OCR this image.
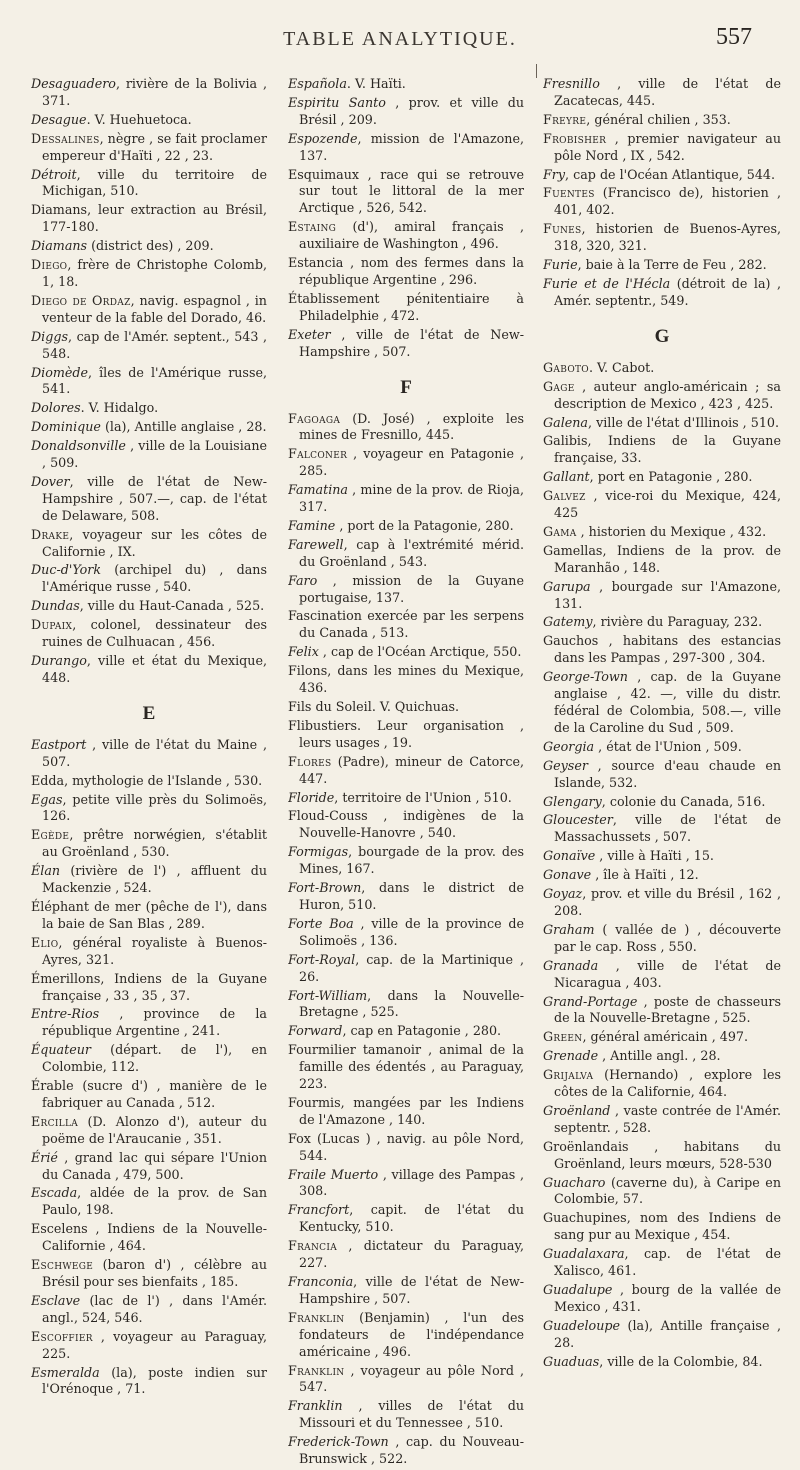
TABLE ANALYTIQUE.	557
Desaguadero, rivière de la Bolivia , 371.
Desague. V. Huehuetoca.
Dessalines, nègre , se fait proclamer empereur d'Haïti , 22 , 23.
Détroit, ville du territoire de Michigan, 510.
Diamans, leur extraction au Brésil, 177-180.
Diamans (district des) , 209.
Diego, frère de Christophe Colomb, 1, 18.
Diego de Ordaz, navig. espagnol , in venteur de la fable del Dorado, 46.
Diggs, cap de l'Amér. septent., 543 , 548.
Diomède, îles de l'Amérique russe, 541.
Dolores. V. Hidalgo.
Dominique (la), Antille anglaise , 28.
Donaldsonville , ville de la Louisiane , 509.
Dover, ville de l'état de New-Hampshire , 507.—, cap. de l'état de Delaware, 508.
Drake, voyageur sur les côtes de Californie , IX.
Duc-d'York (archipel du) , dans l'Amérique russe , 540.
Dundas, ville du Haut-Canada , 525.
Dupaix, colonel, dessinateur des ruines de Culhuacan , 456.
Durango, ville et état du Mexique, 448.
E
Eastport , ville de l'état du Maine , 507.
Edda, mythologie de l'Islande , 530.
Egas, petite ville près du Solimoës, 126.
Egède, prêtre norwégien, s'établit au Groënland , 530.
Élan (rivière de l') , affluent du Mackenzie , 524.
Éléphant de mer (pêche de l'), dans la baie de San Blas , 289.
Elio, général royaliste à Buenos-Ayres, 321.
Émerillons, Indiens de la Guyane française , 33 , 35 , 37.
Entre-Rios , province de la république Argentine , 241.
Équateur (départ. de l'), en Colombie, 112.
Érable (sucre d') , manière de le fabriquer au Canada , 512.
Ercilla (D. Alonzo d'), auteur du poëme de l'Araucanie , 351.
Érié , grand lac qui sépare l'Union du Canada , 479, 500.
Escada, aldée de la prov. de San Paulo, 198.
Escelens , Indiens de la Nouvelle-Californie , 464.
Eschwege (baron d') , célèbre au Brésil pour ses bienfaits , 185.
Esclave (lac de l') , dans l'Amér. angl., 524, 546.
Escoffier , voyageur au Paraguay, 225.
Esmeralda (la), poste indien sur l'Orénoque , 71.
Española. V. Haïti.
Espiritu Santo , prov. et ville du Brésil , 209.
Espozende, mission de l'Amazone, 137.
Esquimaux , race qui se retrouve sur tout le littoral de la mer Arctique , 526, 542.
Estaing (d'), amiral français , auxiliaire de Washington , 496.
Estancia , nom des fermes dans la république Argentine , 296.
Établissement pénitentiaire à Philadelphie , 472.
Exeter , ville de l'état de New-Hampshire , 507.
F
Fagoaga (D. José) , exploite les mines de Fresnillo, 445.
Falconer , voyageur en Patagonie , 285.
Famatina , mine de la prov. de Rioja, 317.
Famine , port de la Patagonie, 280.
Farewell, cap à l'extrémité mérid. du Groënland , 543.
Faro , mission de la Guyane portugaise, 137.
Fascination exercée par les serpens du Canada , 513.
Felix , cap de l'Océan Arctique, 550.
Filons, dans les mines du Mexique, 436.
Fils du Soleil. V. Quichuas.
Flibustiers. Leur organisation , leurs usages , 19.
Flores (Padre), mineur de Catorce, 447.
Floride, territoire de l'Union , 510.
Floud-Couss , indigènes de la Nouvelle-Hanovre , 540.
Formigas, bourgade de la prov. des Mines, 167.
Fort-Brown, dans le district de Huron, 510.
Forte Boa , ville de la province de Solimoës , 136.
Fort-Royal, cap. de la Martinique , 26.
Fort-William, dans la Nouvelle-Bretagne , 525.
Forward, cap en Patagonie , 280.
Fourmilier tamanoir , animal de la famille des édentés , au Paraguay, 223.
Fourmis, mangées par les Indiens de l'Amazone , 140.
Fox (Lucas ) , navig. au pôle Nord, 544.
Fraile Muerto , village des Pampas , 308.
Francfort, capit. de l'état du Kentucky, 510.
Francia , dictateur du Paraguay, 227.
Franconia, ville de l'état de New-Hampshire , 507.
Franklin (Benjamin) , l'un des fondateurs de l'indépendance américaine , 496.
Franklin , voyageur au pôle Nord , 547.
Franklin , villes de l'état du Missouri et du Tennessee , 510.
Frederick-Town , cap. du Nouveau-Brunswick , 522.
Fresnillo , ville de l'état de Zacatecas, 445.
Freyre, général chilien , 353.
Frobisher , premier navigateur au pôle Nord , IX , 542.
Fry, cap de l'Océan Atlantique, 544.
Fuentes (Francisco de), historien , 401, 402.
Funes, historien de Buenos-Ayres, 318, 320, 321.
Furie, baie à la Terre de Feu , 282.
Furie et de l'Hécla (détroit de la) , Amér. septentr., 549.
G
Gaboto. V. Cabot.
Gage , auteur anglo-américain ; sa description de Mexico , 423 , 425.
Galena, ville de l'état d'Illinois , 510.
Galibis, Indiens de la Guyane française, 33.
Gallant, port en Patagonie , 280.
Galvez , vice-roi du Mexique, 424, 425
Gama , historien du Mexique , 432.
Gamellas, Indiens de la prov. de Maranhão , 148.
Garupa , bourgade sur l'Amazone, 131.
Gatemy, rivière du Paraguay, 232.
Gauchos , habitans des estancias dans les Pampas , 297-300 , 304.
George-Town , cap. de la Guyane anglaise , 42. —, ville du distr. fédéral de Colombia, 508.—, ville de la Caroline du Sud , 509.
Georgia , état de l'Union , 509.
Geyser , source d'eau chaude en Islande, 532.
Glengary, colonie du Canada, 516.
Gloucester, ville de l'état de Massachussets , 507.
Gonaïve , ville à Haïti , 15.
Gonave , île à Haïti , 12.
Goyaz, prov. et ville du Brésil , 162 , 208.
Graham ( vallée de ) , découverte par le cap. Ross , 550.
Granada , ville de l'état de Nicaragua , 403.
Grand-Portage , poste de chasseurs de la Nouvelle-Bretagne , 525.
Green, général américain , 497.
Grenade , Antille angl. , 28.
Grijalva (Hernando) , explore les côtes de la Californie, 464.
Groënland , vaste contrée de l'Amér. septentr. , 528.
Groënlandais , habitans du Groënland, leurs mœurs, 528-530
Guacharo (caverne du), à Caripe en Colombie, 57.
Guachupines, nom des Indiens de sang pur au Mexique , 454.
Guadalaxara, cap. de l'état de Xalisco, 461.
Guadalupe , bourg de la vallée de Mexico , 431.
Guadeloupe (la), Antille française , 28.
Guaduas, ville de la Colombie, 84.
